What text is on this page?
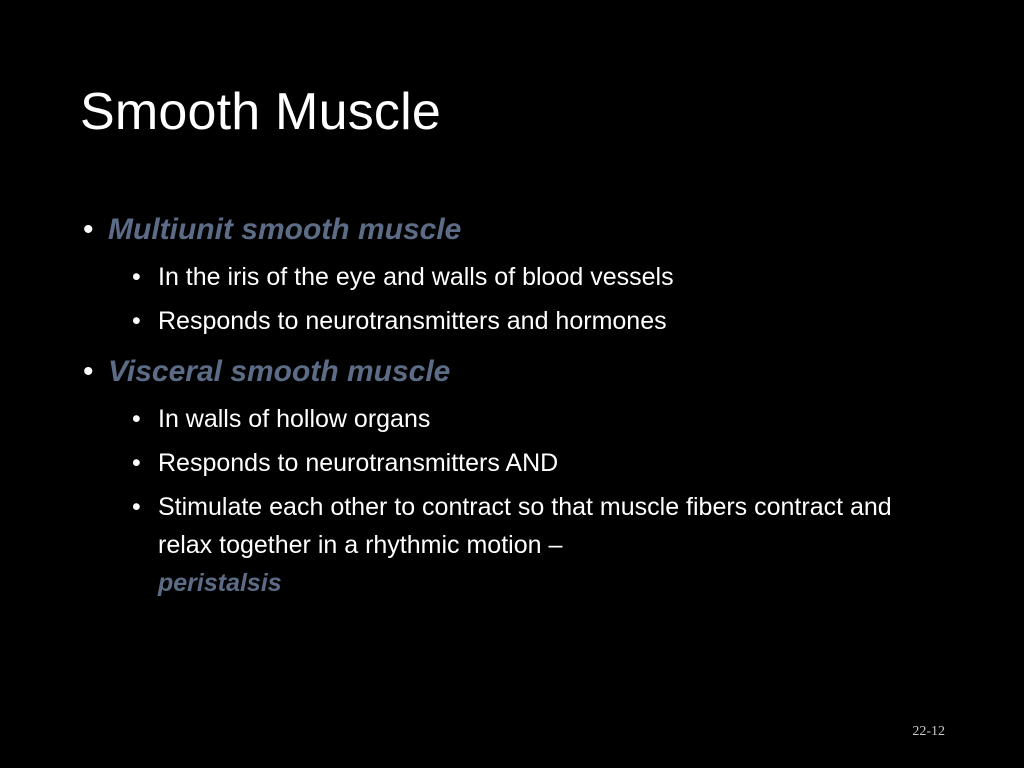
Smooth Muscle
• Multiunit smooth muscle
• In the iris of the eye and walls of blood vessels
• Responds to neurotransmitters and hormones
• Visceral smooth muscle
• In walls of hollow organs
• Responds to neurotransmitters AND
• Stimulate each other to contract so that muscle fibers contract and relax together in a rhythmic motion –
peristalsis
22-12
